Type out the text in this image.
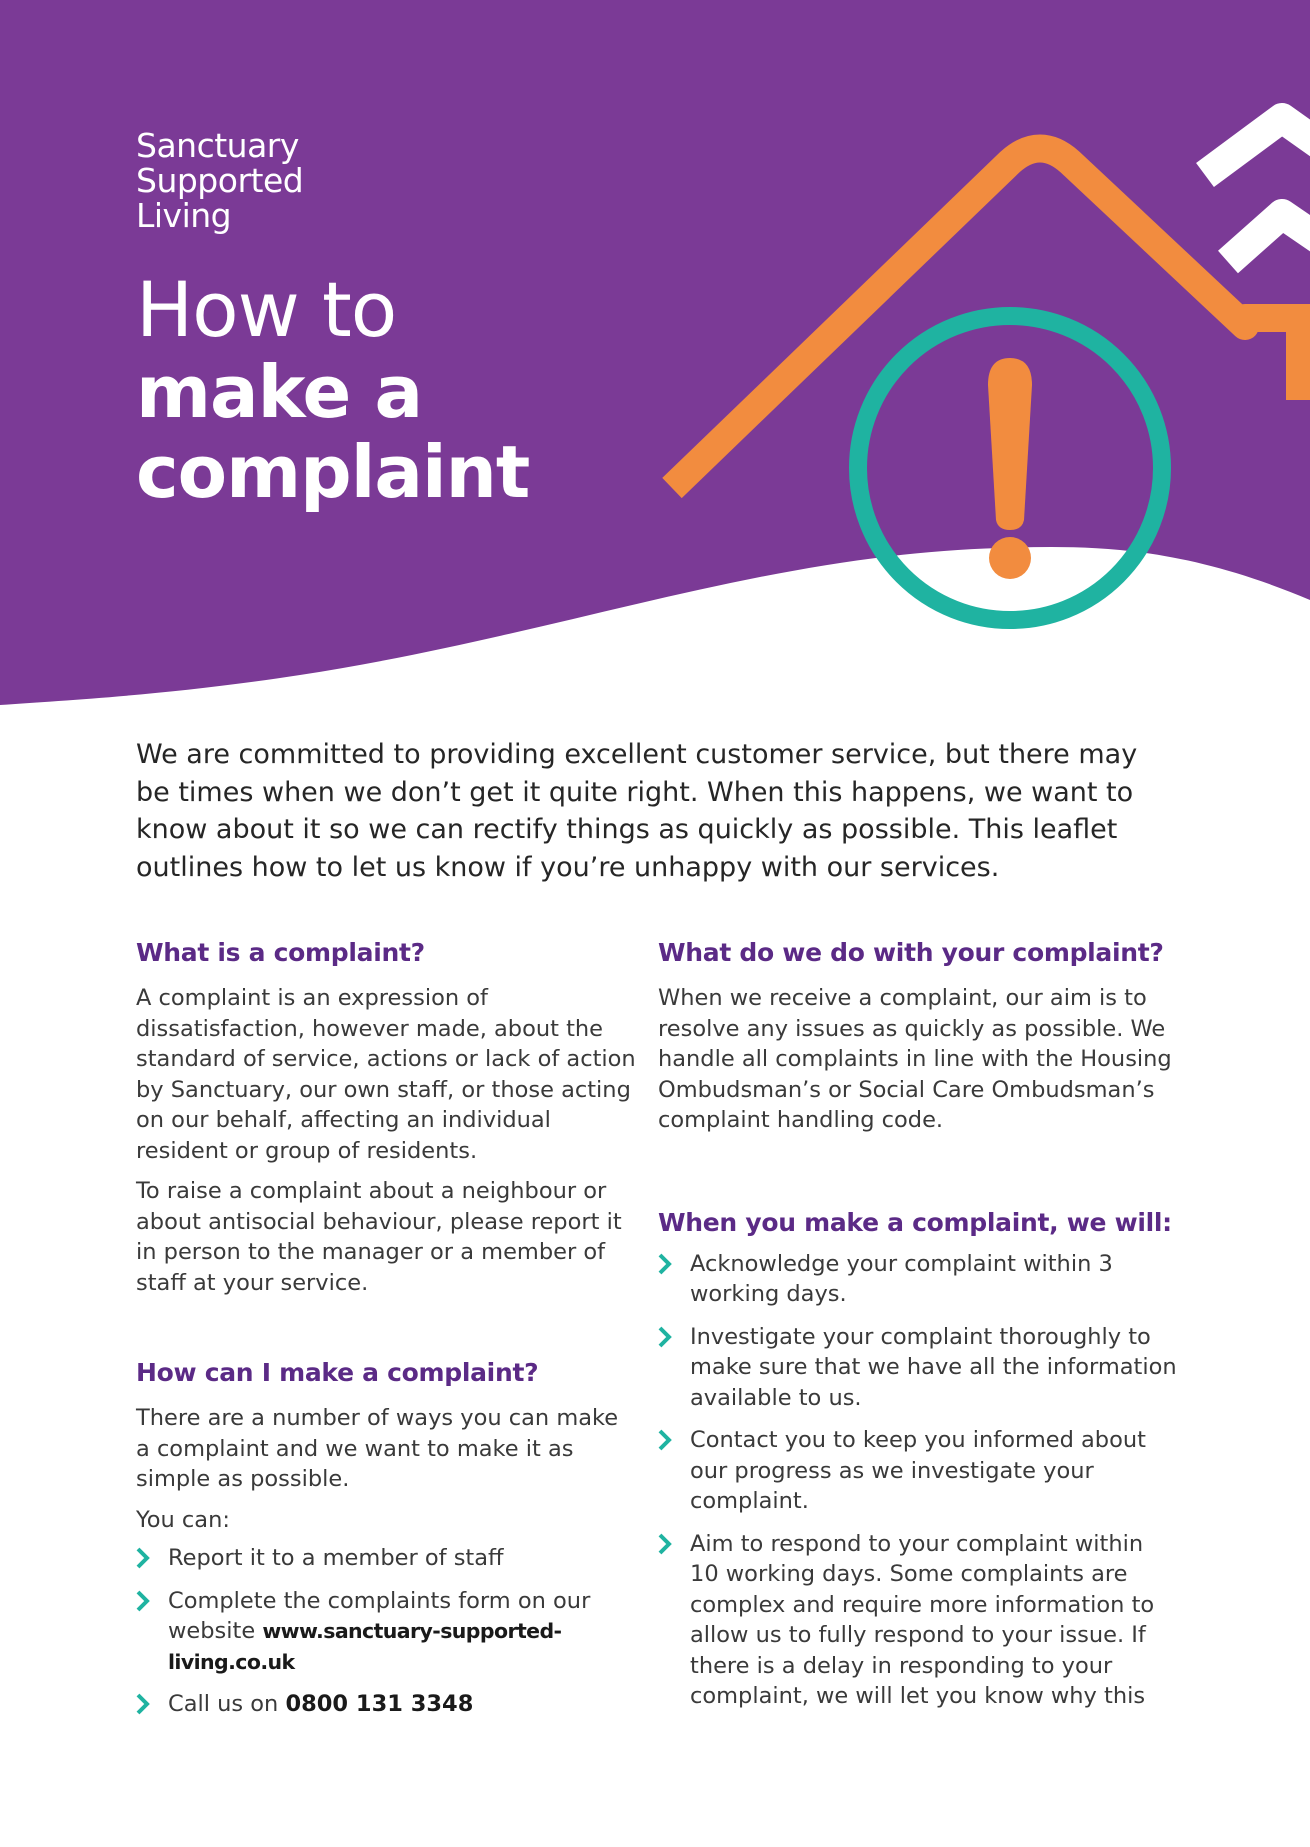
Sanctuary
Supported
Living
How to
make a
complaint
We are committed to providing excellent customer service, but there may be times when we don’t get it quite right. When this happens, we want to know about it so we can rectify things as quickly as possible. This leaflet outlines how to let us know if you’re unhappy with our services.
What is a complaint?

A complaint is an expression of dissatisfaction, however made, about the standard of service, actions or lack of action by Sanctuary, our own staff, or those acting on our behalf, affecting an individual resident or group of residents.

To raise a complaint about a neighbour or about antisocial behaviour, please report it in person to the manager or a member of staff at your service.

How can I make a complaint?

There are a number of ways you can make a complaint and we want to make it as simple as possible.

You can:

Report it to a member of staff
Complete the complaints form on our website www.sanctuary-supported-living.co.uk
Call us on 0800 131 3348
What do we do with your complaint?

When we receive a complaint, our aim is to resolve any issues as quickly as possible. We handle all complaints in line with the Housing Ombudsman’s or Social Care Ombudsman’s complaint handling code.

When you make a complaint, we will:
Acknowledge your complaint within 3 working days.
Investigate your complaint thoroughly to make sure that we have all the information available to us.
Contact you to keep you informed about our progress as we investigate your complaint.
Aim to respond to your complaint within 10 working days. Some complaints are complex and require more information to allow us to fully respond to your issue. If there is a delay in responding to your complaint, we will let you know why this
